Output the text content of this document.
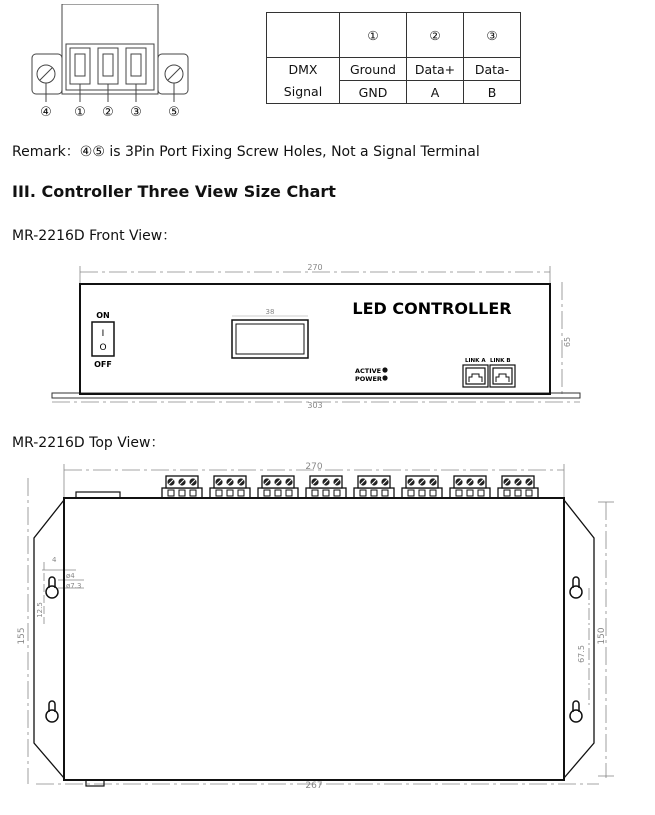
④ ① ② ③ ⑤
	①	②	③
DMX	Ground	Data+	Data-
Signal	GND	A	B
Remark：④⑤ is 3Pin Port Fixing Screw Holes, Not a Signal Terminal
III. Controller Three View Size Chart
MR-2216D Front View：
270
65
303
ON
I
O
OFF
38	LED CONTROLLER
ACTIVE
POWER
LINK A LINK B
MR-2216D Top View：
270
267
155	150
67.5
4
ø4
ø7.3
12.5
